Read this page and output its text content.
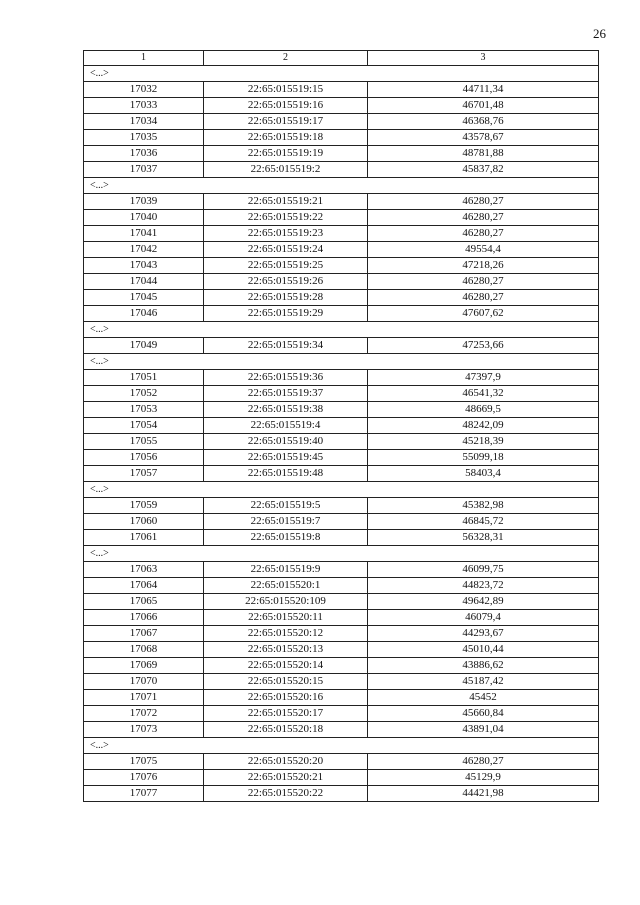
26
1	2	3
<...>		
17032	22:65:015519:15	44711,34
17033	22:65:015519:16	46701,48
17034	22:65:015519:17	46368,76
17035	22:65:015519:18	43578,67
17036	22:65:015519:19	48781,88
17037	22:65:015519:2	45837,82
<...>		
17039	22:65:015519:21	46280,27
17040	22:65:015519:22	46280,27
17041	22:65:015519:23	46280,27
17042	22:65:015519:24	49554,4
17043	22:65:015519:25	47218,26
17044	22:65:015519:26	46280,27
17045	22:65:015519:28	46280,27
17046	22:65:015519:29	47607,62
<...>		
17049	22:65:015519:34	47253,66
<...>		
17051	22:65:015519:36	47397,9
17052	22:65:015519:37	46541,32
17053	22:65:015519:38	48669,5
17054	22:65:015519:4	48242,09
17055	22:65:015519:40	45218,39
17056	22:65:015519:45	55099,18
17057	22:65:015519:48	58403,4
<...>		
17059	22:65:015519:5	45382,98
17060	22:65:015519:7	46845,72
17061	22:65:015519:8	56328,31
<...>		
17063	22:65:015519:9	46099,75
17064	22:65:015520:1	44823,72
17065	22:65:015520:109	49642,89
17066	22:65:015520:11	46079,4
17067	22:65:015520:12	44293,67
17068	22:65:015520:13	45010,44
17069	22:65:015520:14	43886,62
17070	22:65:015520:15	45187,42
17071	22:65:015520:16	45452
17072	22:65:015520:17	45660,84
17073	22:65:015520:18	43891,04
<...>		
17075	22:65:015520:20	46280,27
17076	22:65:015520:21	45129,9
17077	22:65:015520:22	44421,98
